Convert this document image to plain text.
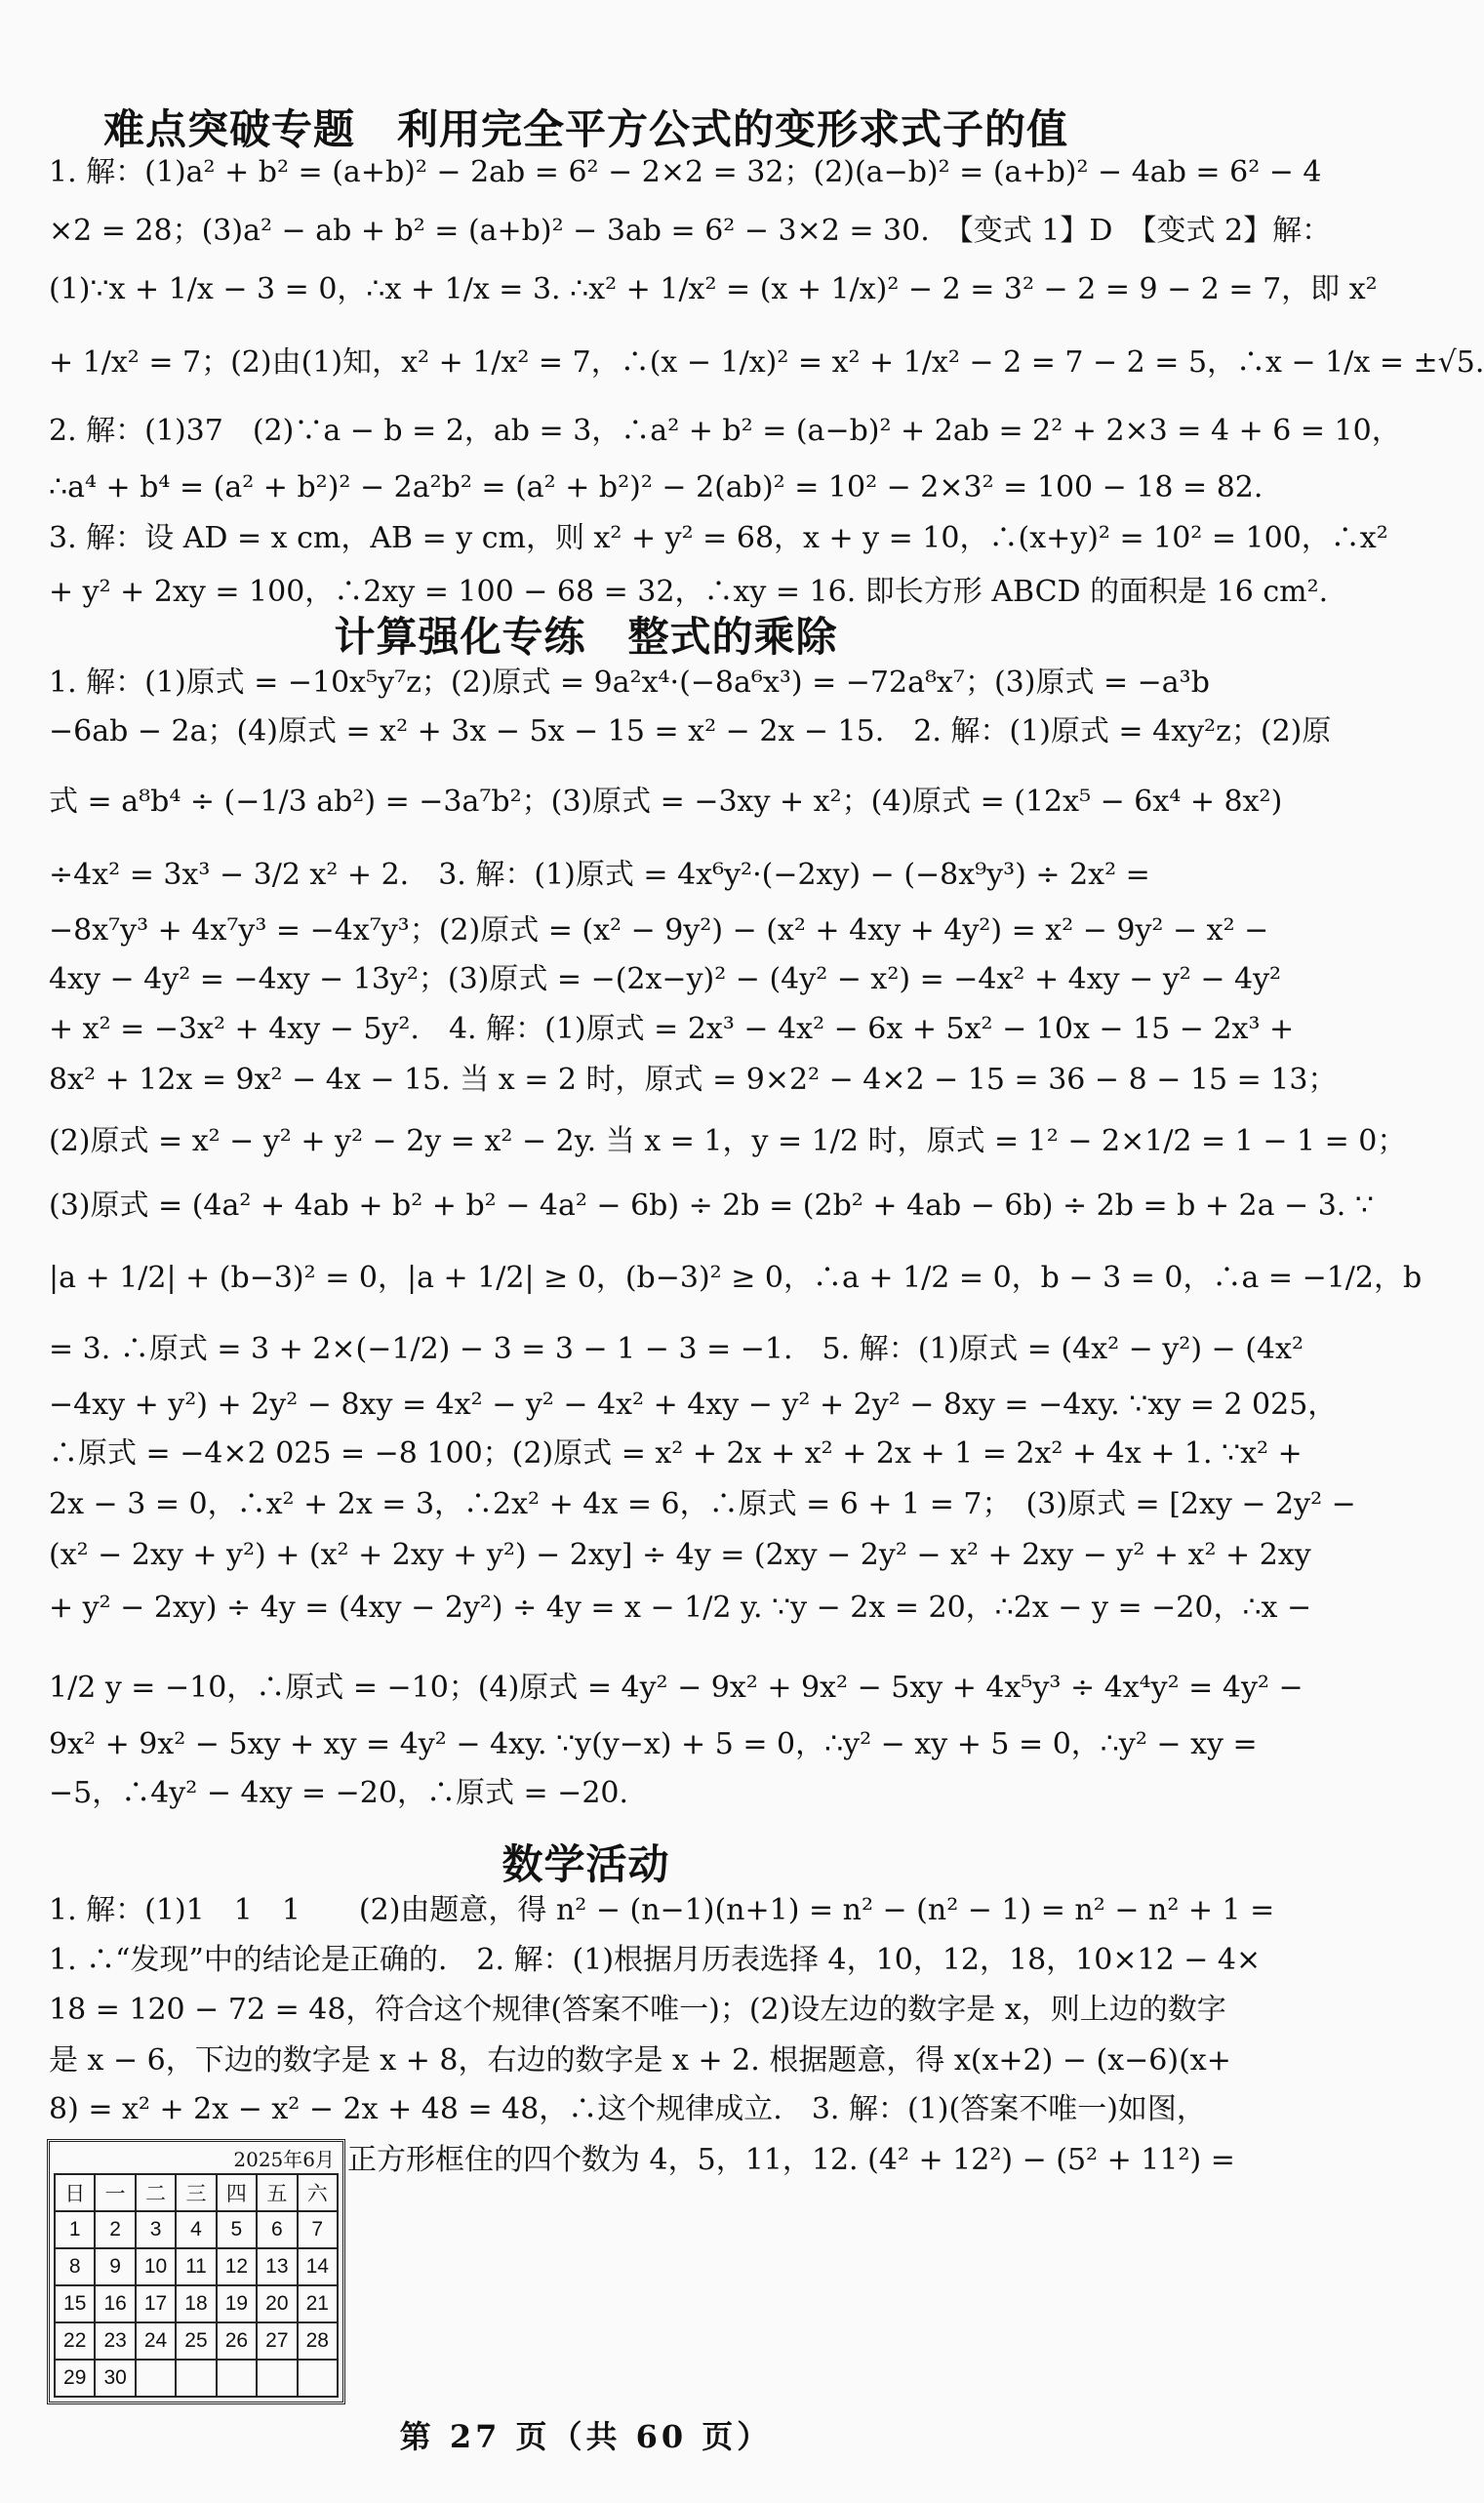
难点突破专题　利用完全平方公式的变形求式子的值
1. 解：(1)a² + b² = (a+b)² − 2ab = 6² − 2×2 = 32；(2)(a−b)² = (a+b)² − 4ab = 6² − 4
×2 = 28；(3)a² − ab + b² = (a+b)² − 3ab = 6² − 3×2 = 30.　【变式 1】D　【变式 2】解：
(1)∵x + 1/x − 3 = 0，∴x + 1/x = 3. ∴x² + 1/x² = (x + 1/x)² − 2 = 3² − 2 = 9 − 2 = 7，即 x²
+ 1/x² = 7；(2)由(1)知，x² + 1/x² = 7，∴(x − 1/x)² = x² + 1/x² − 2 = 7 − 2 = 5，∴x − 1/x = ±√5.
2. 解：(1)37　(2)∵a − b = 2，ab = 3，∴a² + b² = (a−b)² + 2ab = 2² + 2×3 = 4 + 6 = 10，
∴a⁴ + b⁴ = (a² + b²)² − 2a²b² = (a² + b²)² − 2(ab)² = 10² − 2×3² = 100 − 18 = 82.
3. 解：设 AD = x cm，AB = y cm，则 x² + y² = 68，x + y = 10，∴(x+y)² = 10² = 100，∴x²
+ y² + 2xy = 100，∴2xy = 100 − 68 = 32，∴xy = 16. 即长方形 ABCD 的面积是 16 cm².
计算强化专练　整式的乘除
1. 解：(1)原式 = −10x⁵y⁷z；(2)原式 = 9a²x⁴·(−8a⁶x³) = −72a⁸x⁷；(3)原式 = −a³b
−6ab − 2a；(4)原式 = x² + 3x − 5x − 15 = x² − 2x − 15.　2. 解：(1)原式 = 4xy²z；(2)原
式 = a⁸b⁴ ÷ (−1/3 ab²) = −3a⁷b²；(3)原式 = −3xy + x²；(4)原式 = (12x⁵ − 6x⁴ + 8x²)
÷4x² = 3x³ − 3/2 x² + 2.　3. 解：(1)原式 = 4x⁶y²·(−2xy) − (−8x⁹y³) ÷ 2x² =
−8x⁷y³ + 4x⁷y³ = −4x⁷y³；(2)原式 = (x² − 9y²) − (x² + 4xy + 4y²) = x² − 9y² − x² −
4xy − 4y² = −4xy − 13y²；(3)原式 = −(2x−y)² − (4y² − x²) = −4x² + 4xy − y² − 4y²
+ x² = −3x² + 4xy − 5y².　4. 解：(1)原式 = 2x³ − 4x² − 6x + 5x² − 10x − 15 − 2x³ +
8x² + 12x = 9x² − 4x − 15. 当 x = 2 时，原式 = 9×2² − 4×2 − 15 = 36 − 8 − 15 = 13；
(2)原式 = x² − y² + y² − 2y = x² − 2y. 当 x = 1，y = 1/2 时，原式 = 1² − 2×1/2 = 1 − 1 = 0；
(3)原式 = (4a² + 4ab + b² + b² − 4a² − 6b) ÷ 2b = (2b² + 4ab − 6b) ÷ 2b = b + 2a − 3. ∵
|a + 1/2| + (b−3)² = 0，|a + 1/2| ≥ 0，(b−3)² ≥ 0，∴a + 1/2 = 0，b − 3 = 0，∴a = −1/2，b
= 3. ∴原式 = 3 + 2×(−1/2) − 3 = 3 − 1 − 3 = −1.　5. 解：(1)原式 = (4x² − y²) − (4x²
−4xy + y²) + 2y² − 8xy = 4x² − y² − 4x² + 4xy − y² + 2y² − 8xy = −4xy. ∵xy = 2 025，
∴原式 = −4×2 025 = −8 100；(2)原式 = x² + 2x + x² + 2x + 1 = 2x² + 4x + 1. ∵x² +
2x − 3 = 0，∴x² + 2x = 3，∴2x² + 4x = 6，∴原式 = 6 + 1 = 7；　(3)原式 = [2xy − 2y² −
(x² − 2xy + y²) + (x² + 2xy + y²) − 2xy] ÷ 4y = (2xy − 2y² − x² + 2xy − y² + x² + 2xy
+ y² − 2xy) ÷ 4y = (4xy − 2y²) ÷ 4y = x − 1/2 y. ∵y − 2x = 20，∴2x − y = −20，∴x −
1/2 y = −10，∴原式 = −10；(4)原式 = 4y² − 9x² + 9x² − 5xy + 4x⁵y³ ÷ 4x⁴y² = 4y² −
9x² + 9x² − 5xy + xy = 4y² − 4xy. ∵y(y−x) + 5 = 0，∴y² − xy + 5 = 0，∴y² − xy =
−5，∴4y² − 4xy = −20，∴原式 = −20.
数学活动
1. 解：(1)1　1　1　　(2)由题意，得 n² − (n−1)(n+1) = n² − (n² − 1) = n² − n² + 1 =
1. ∴“发现”中的结论是正确的.　2. 解：(1)根据月历表选择 4，10，12，18，10×12 − 4×
18 = 120 − 72 = 48，符合这个规律(答案不唯一)；(2)设左边的数字是 x，则上边的数字
是 x − 6，下边的数字是 x + 8，右边的数字是 x + 2. 根据题意，得 x(x+2) − (x−6)(x+
8) = x² + 2x − x² − 2x + 48 = 48，∴这个规律成立.　3. 解：(1)(答案不唯一)如图，
正方形框住的四个数为 4，5，11，12. (4² + 12²) − (5² + 11²) =
2025年6月
日	一	二	三	四	五	六
1	2	3	4	5	6	7
8	9	10	11	12	13	14
15	16	17	18	19	20	21
22	23	24	25	26	27	28
29	30					
第 27 页（共 60 页）
